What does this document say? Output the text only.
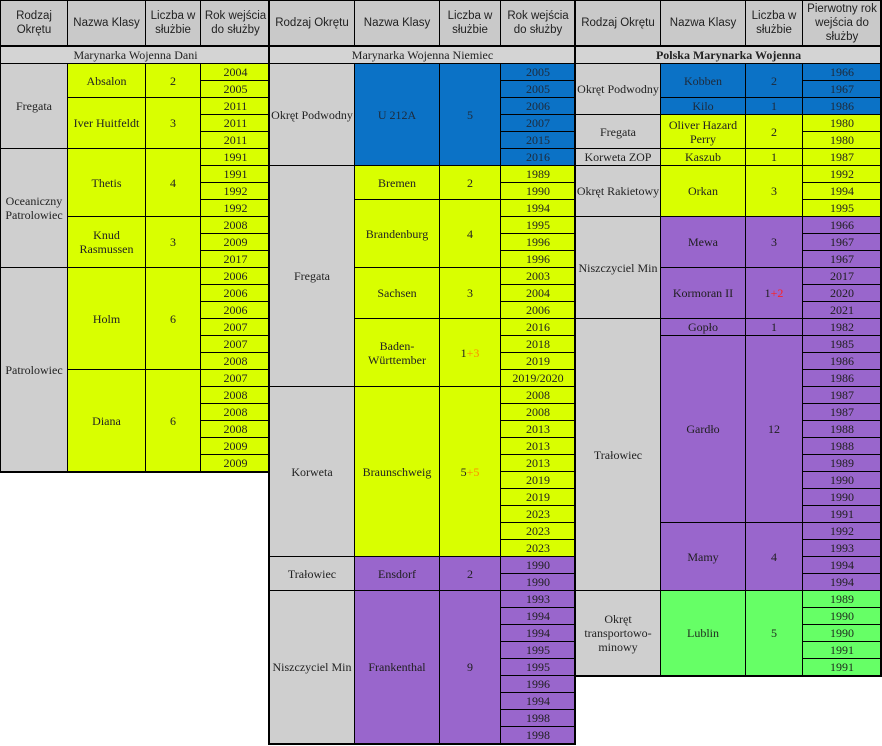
Rodzaj Okrętu	Nazwa Klasy	Liczba w służbie	Rok wejścia do służby
Marynarka Wojenna Dani			
Fregata	Absalon	2	2004
			2005
	Iver Huitfeldt	3	2011
			2011
			2011
Oceaniczny Patrolowiec	Thetis	4	1991
			1991
			1992
			1992
	Knud Rasmussen	3	2008
			2009
			2017
Patrolowiec	Holm	6	2006
			2006
			2006
			2007
			2007
			2008
	Diana	6	2007
			2008
			2008
			2008
			2009
			2009
Rodzaj Okrętu	Nazwa Klasy	Liczba w służbie	Rok wejścia do służby
Marynarka Wojenna Niemiec			
Okręt Podwodny	U 212A	5	2005
			2005
			2006
			2007
			2015
			2016
Fregata	Bremen	2	1989
			1990
	Brandenburg	4	1994
			1995
			1996
			1996
	Sachsen	3	2003
			2004
			2006
	Baden-Württember	1+3	2016
			2018
			2019
			2019/2020
Korweta	Braunschweig	5+5	2008
			2008
			2013
			2013
			2013
			2019
			2019
			2023
			2023
			2023
Trałowiec	Ensdorf	2	1990
			1990
Niszczyciel Min	Frankenthal	9	1993
			1994
			1994
			1995
			1995
			1996
			1994
			1998
			1998
Rodzaj Okrętu	Nazwa Klasy	Liczba w służbie	Pierwotny rok wejścia do służby
Polska Marynarka Wojenna			
Okręt Podwodny	Kobben	2	1966
			1967
	Kilo	1	1986
Fregata	Oliver Hazard Perry	2	1980
			1980
Korweta ZOP	Kaszub	1	1987
Okręt Rakietowy	Orkan	3	1992
			1994
			1995
Niszczyciel Min	Mewa	3	1966
			1967
			1967
	Kormoran II	1+2	2017
			2020
			2021
Trałowiec	Gopło	1	1982
	Gardło	12	1985
			1986
			1986
			1987
			1987
			1988
			1988
			1989
			1990
			1990
			1991
	Mamy	4	1992
			1993
			1994
			1994
Okręt transportowo-minowy	Lublin	5	1989
			1990
			1990
			1991
			1991
